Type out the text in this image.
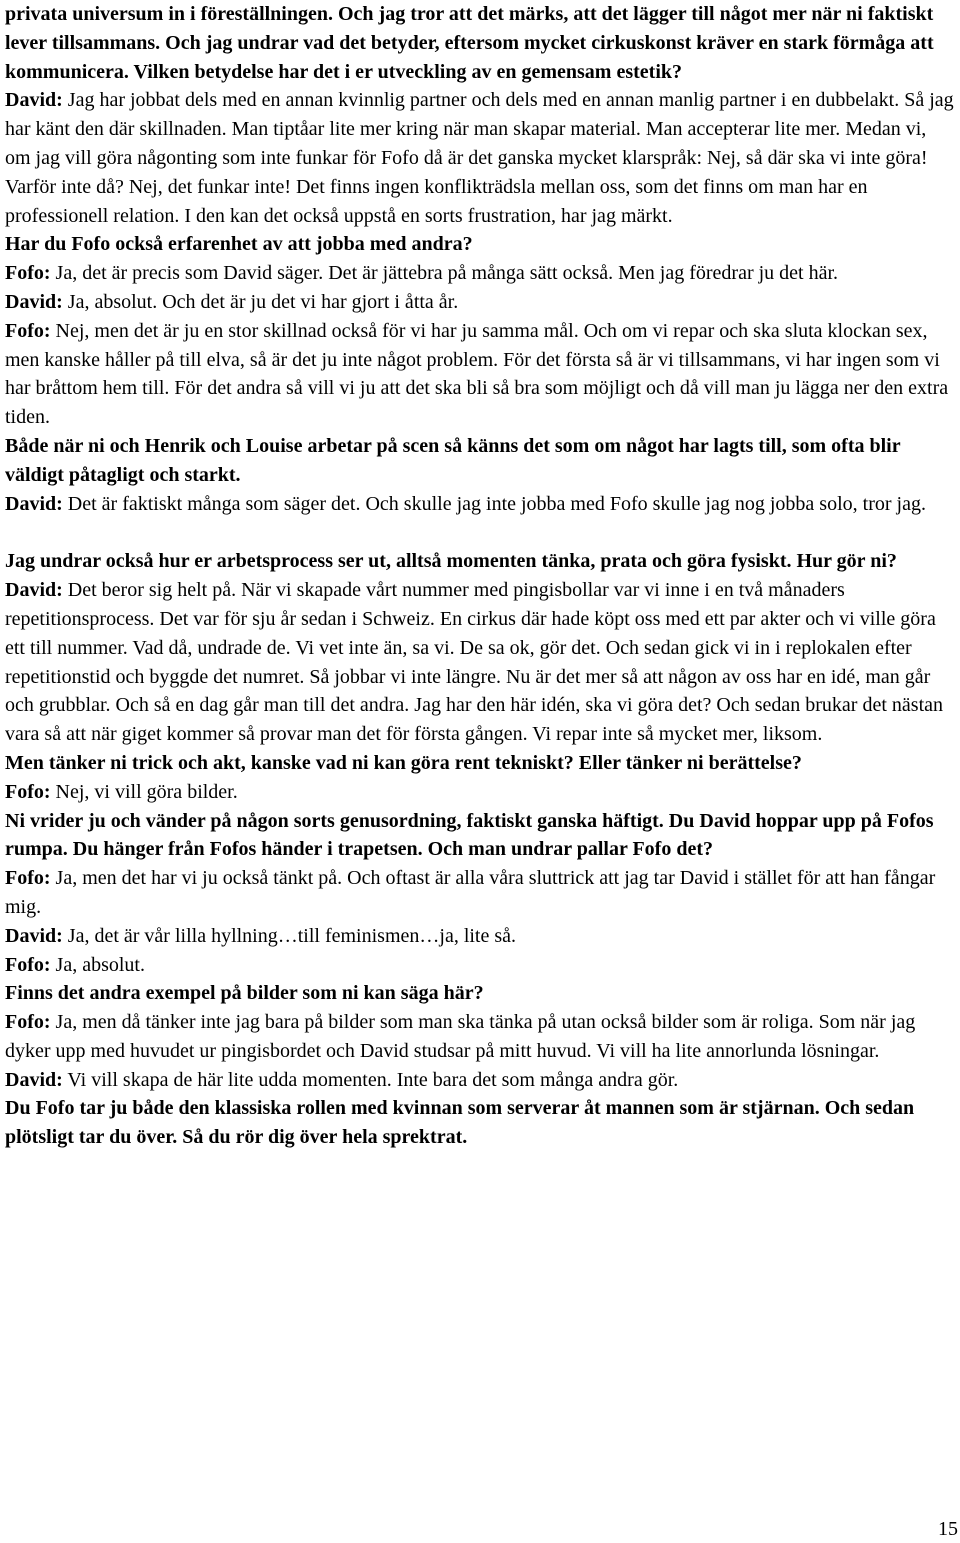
privata universum in i föreställningen. Och jag tror att det märks, att det lägger till något mer när ni faktiskt lever tillsammans. Och jag undrar vad det betyder, eftersom mycket cirkuskonst kräver en stark förmåga att kommunicera. Vilken betydelse har det i er utveckling av en gemensam estetik?

David: Jag har jobbat dels med en annan kvinnlig partner och dels med en annan manlig partner i en dubbelakt. Så jag har känt den där skillnaden. Man tiptåar lite mer kring när man skapar material. Man accepterar lite mer. Medan vi, om jag vill göra någonting som inte funkar för Fofo då är det ganska mycket klarspråk: Nej, så där ska vi inte göra! Varför inte då? Nej, det funkar inte! Det finns ingen konflikträdsla mellan oss, som det finns om man har en professionell relation. I den kan det också uppstå en sorts frustration, har jag märkt.

Har du Fofo också erfarenhet av att jobba med andra?

Fofo: Ja, det är precis som David säger. Det är jättebra på många sätt också. Men jag föredrar ju det här.

David: Ja, absolut. Och det är ju det vi har gjort i åtta år.

Fofo: Nej, men det är ju en stor skillnad också för vi har ju samma mål. Och om vi repar och ska sluta klockan sex, men kanske håller på till elva, så är det ju inte något problem. För det första så är vi tillsammans, vi har ingen som vi har bråttom hem till. För det andra så vill vi ju att det ska bli så bra som möjligt och då vill man ju lägga ner den extra tiden.

Både när ni och Henrik och Louise arbetar på scen så känns det som om något har lagts till, som ofta blir väldigt påtagligt och starkt.

David: Det är faktiskt många som säger det. Och skulle jag inte jobba med Fofo skulle jag nog jobba solo, tror jag.

Jag undrar också hur er arbetsprocess ser ut, alltså momenten tänka, prata och göra fysiskt. Hur gör ni?

David: Det beror sig helt på. När vi skapade vårt nummer med pingisbollar var vi inne i en två månaders repetitionsprocess. Det var för sju år sedan i Schweiz. En cirkus där hade köpt oss med ett par akter och vi ville göra ett till nummer. Vad då, undrade de. Vi vet inte än, sa vi. De sa ok, gör det. Och sedan gick vi in i replokalen efter repetitionstid och byggde det numret. Så jobbar vi inte längre. Nu är det mer så att någon av oss har en idé, man går och grubblar. Och så en dag går man till det andra. Jag har den här idén, ska vi göra det? Och sedan brukar det nästan vara så att när giget kommer så provar man det för första gången. Vi repar inte så mycket mer, liksom.

Men tänker ni trick och akt, kanske vad ni kan göra rent tekniskt? Eller tänker ni berättelse?

Fofo: Nej, vi vill göra bilder.

Ni vrider ju och vänder på någon sorts genusordning, faktiskt ganska häftigt. Du David hoppar upp på Fofos rumpa. Du hänger från Fofos händer i trapetsen. Och man undrar pallar Fofo det?

Fofo: Ja, men det har vi ju också tänkt på. Och oftast är alla våra sluttrick att jag tar David i stället för att han fångar mig.

David: Ja, det är vår lilla hyllning…till feminismen…ja, lite så.

Fofo: Ja, absolut.

Finns det andra exempel på bilder som ni kan säga här?

Fofo: Ja, men då tänker inte jag bara på bilder som man ska tänka på utan också bilder som är roliga. Som när jag dyker upp med huvudet ur pingisbordet och David studsar på mitt huvud. Vi vill ha lite annorlunda lösningar.

David: Vi vill skapa de här lite udda momenten. Inte bara det som många andra gör.

Du Fofo tar ju både den klassiska rollen med kvinnan som serverar åt mannen som är stjärnan. Och sedan plötsligt tar du över. Så du rör dig över hela sprektrat.

15
